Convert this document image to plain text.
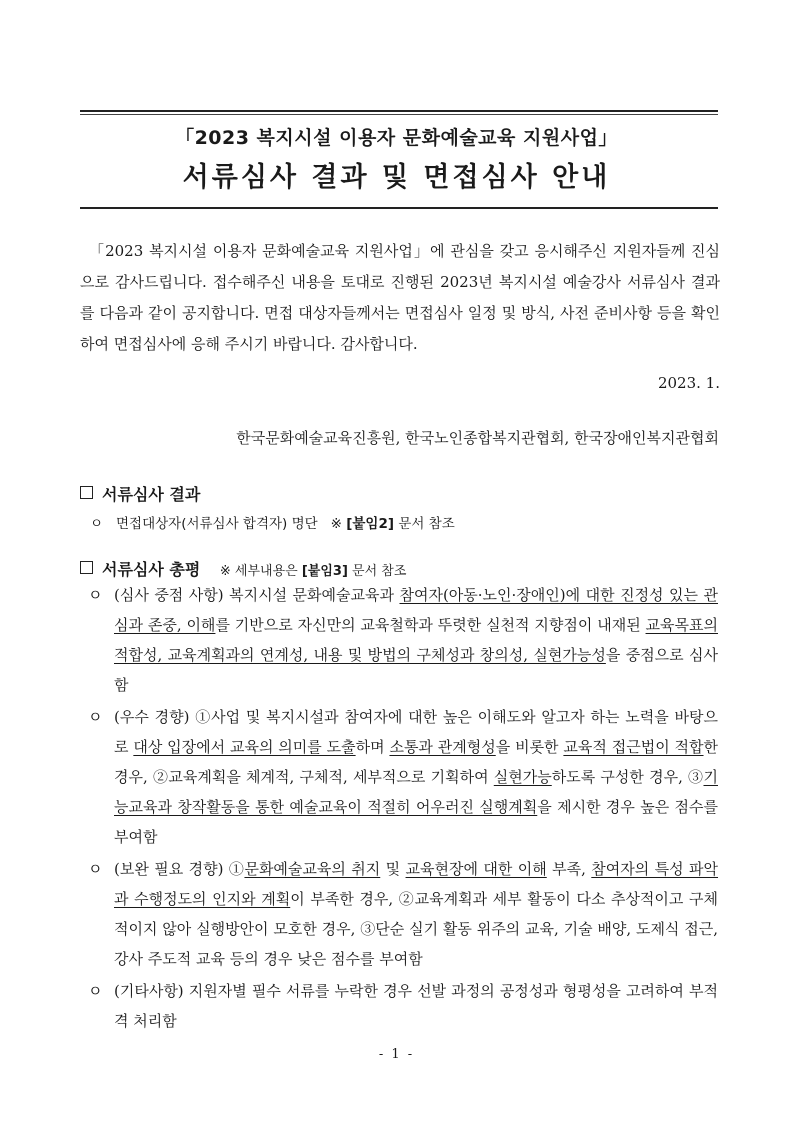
「2023 복지시설 이용자 문화예술교육 지원사업」
서류심사 결과 및 면접심사 안내
「2023 복지시설 이용자 문화예술교육 지원사업」에 관심을 갖고 응시해주신 지원자들께 진심으로 감사드립니다. 접수해주신 내용을 토대로 진행된 2023년 복지시설 예술강사 서류심사 결과를 다음과 같이 공지합니다. 면접 대상자들께서는 면접심사 일정 및 방식, 사전 준비사항 등을 확인하여 면접심사에 응해 주시기 바랍니다. 감사합니다.
2023. 1.
한국문화예술교육진흥원, 한국노인종합복지관협회, 한국장애인복지관협회
서류심사 결과
ㅇ 면접대상자(서류심사 합격자) 명단 ※ [붙임2] 문서 참조
서류심사 총평 ※ 세부내용은 [붙임3] 문서 참조
ㅇ (심사 중점 사항) 복지시설 문화예술교육과 참여자(아동·노인·장애인)에 대한 진정성 있는 관심과 존중, 이해를 기반으로 자신만의 교육철학과 뚜렷한 실천적 지향점이 내재된 교육목표의 적합성, 교육계획과의 연계성, 내용 및 방법의 구체성과 창의성, 실현가능성을 중점으로 심사함
ㅇ (우수 경향) ①사업 및 복지시설과 참여자에 대한 높은 이해도와 알고자 하는 노력을 바탕으로 대상 입장에서 교육의 의미를 도출하며 소통과 관계형성을 비롯한 교육적 접근법이 적합한 경우, ②교육계획을 체계적, 구체적, 세부적으로 기획하여 실현가능하도록 구성한 경우, ③기능교육과 창작활동을 통한 예술교육이 적절히 어우러진 실행계획을 제시한 경우 높은 점수를 부여함
ㅇ (보완 필요 경향) ①문화예술교육의 취지 및 교육현장에 대한 이해 부족, 참여자의 특성 파악과 수행정도의 인지와 계획이 부족한 경우, ②교육계획과 세부 활동이 다소 추상적이고 구체적이지 않아 실행방안이 모호한 경우, ③단순 실기 활동 위주의 교육, 기술 배양, 도제식 접근, 강사 주도적 교육 등의 경우 낮은 점수를 부여함
ㅇ (기타사항) 지원자별 필수 서류를 누락한 경우 선발 과정의 공정성과 형평성을 고려하여 부적격 처리함
- 1 -
